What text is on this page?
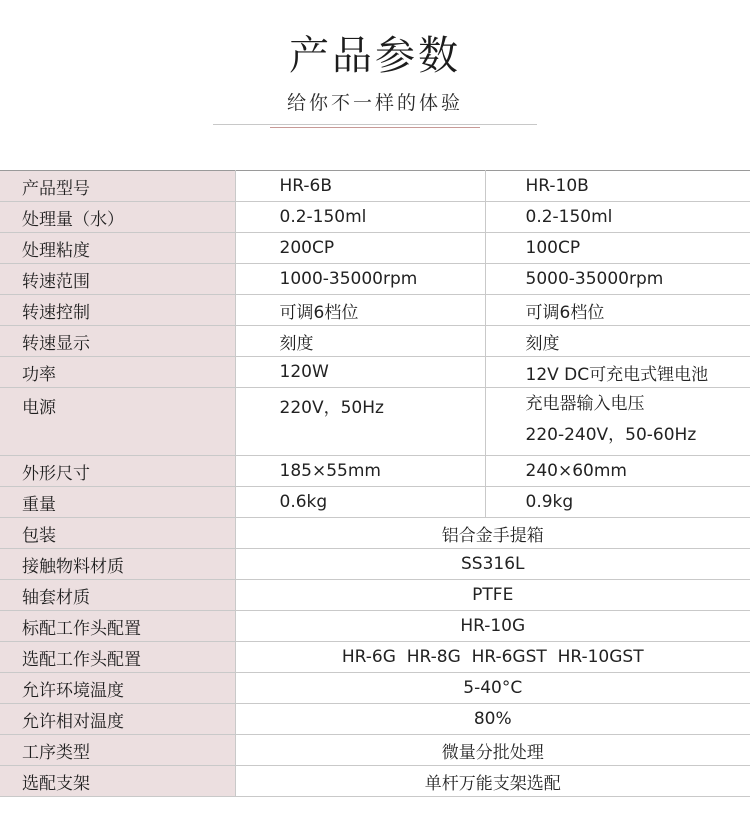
产品参数
给你不一样的体验
产品型号	HR-6B	HR-10B
处理量（水）	0.2-150ml	0.2-150ml
处理粘度	200CP	100CP
转速范围	1000-35000rpm	5000-35000rpm
转速控制	可调6档位	可调6档位
转速显示	刻度	刻度
功率	120W	12V DC可充电式锂电池
电源	220V，50Hz	充电器输入电压
220-240V，50-60Hz

外形尺寸	185×55mm	240×60mm
重量	0.6kg	0.9kg
包装	铝合金手提箱	
接触物料材质	SS316L	
轴套材质	PTFE	
标配工作头配置	HR-10G	
选配工作头配置	HR-6G  HR-8G  HR-6GST  HR-10GST	
允许环境温度	5-40°C	
允许相对温度	80%	
工序类型	微量分批处理	
选配支架	单杆万能支架选配	
